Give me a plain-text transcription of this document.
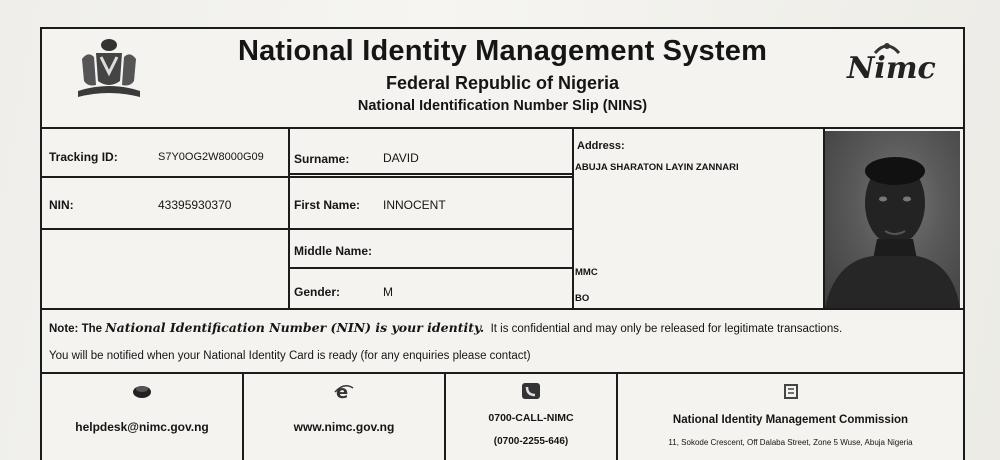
National Identity Management System
Federal Republic of Nigeria
National Identification Number Slip (NINS)
Nimc
Tracking ID:	S7Y0OG2W8000G09
NIN:	43395930370
Surname:	DAVID
First Name: INNOCENT
Middle Name:
Gender:	M
Address:
ABUJA SHARATON LAYIN ZANNARI
MMC
BO
Note: The National Identification Number (NIN) is your identity. It is confidential and may only be released for legitimate transactions.
You will be notified when your National Identity Card is ready (for any enquiries please contact)
helpdesk@nimc.gov.ng
e
www.nimc.gov.ng
0700-CALL-NIMC
(0700-2255-646)
National Identity Management Commission
11, Sokode Crescent, Off Dalaba Street, Zone 5 Wuse, Abuja Nigeria
